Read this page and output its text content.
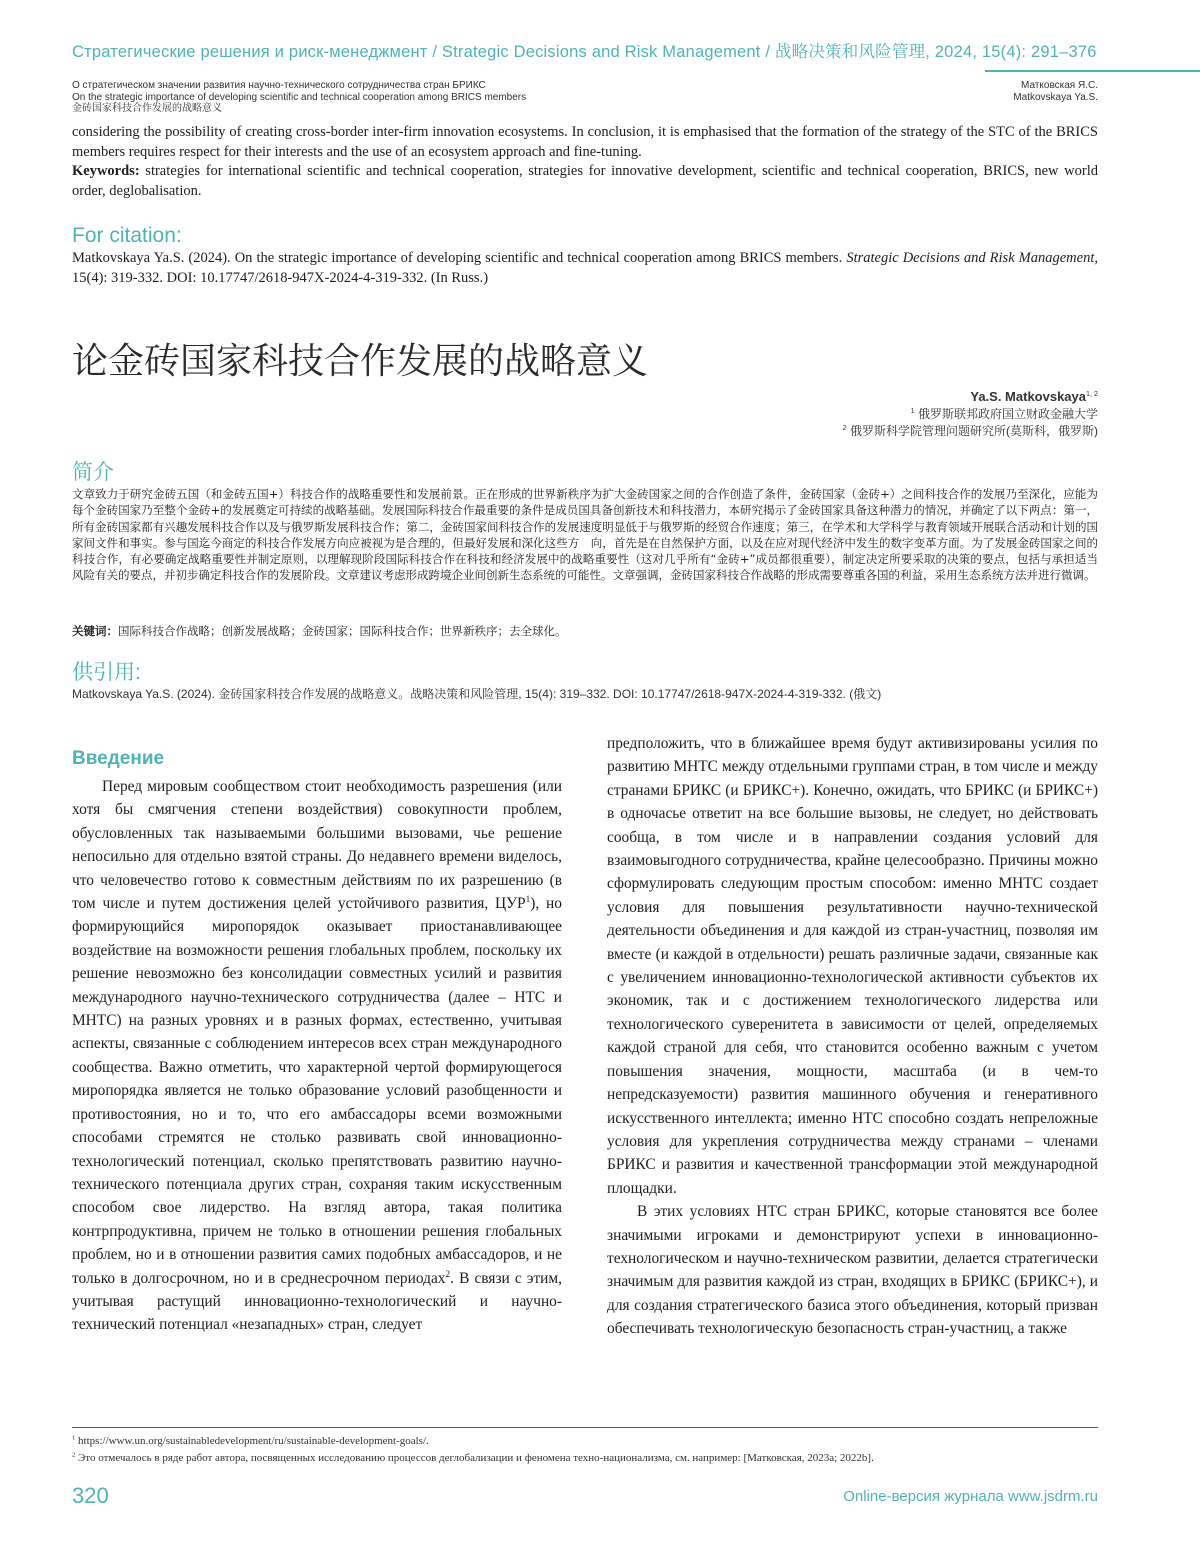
Стратегические решения и риск-менеджмент / Strategic Decisions and Risk Management / 战略决策和风险管理, 2024, 15(4): 291–376
О стратегическом значении развития научно-технического сотрудничества стран БРИКС
On the strategic importance of developing scientific and technical cooperation among BRICS members
金砖国家科技合作发展的战略意义
Матковская Я.С.
Matkovskaya Ya.S.
considering the possibility of creating cross-border inter-firm innovation ecosystems. In conclusion, it is emphasised that the formation of the strategy of the STC of the BRICS members requires respect for their interests and the use of an ecosystem approach and fine-tuning.
Keywords: strategies for international scientific and technical cooperation, strategies for innovative development, scientific and technical cooperation, BRICS, new world order, deglobalisation.
For citation:
Matkovskaya Ya.S. (2024). On the strategic importance of developing scientific and technical cooperation among BRICS members. Strategic Decisions and Risk Management, 15(4): 319-332. DOI: 10.17747/2618-947X-2024-4-319-332. (In Russ.)
论金砖国家科技合作发展的战略意义
Ya.S. Matkovskaya$^{1, 2}$
$^1$ 俄罗斯联邦政府国立财政金融大学
$^2$ 俄罗斯科学院管理问题研究所(莫斯科，俄罗斯)
简介
文章致力于研究金砖五国（和金砖五国+）科技合作的战略重要性和发展前景。正在形成的世界新秩序为扩大金砖国家之间的合作创造了条件，金砖国家（金砖+）之间科技合作的发展乃至深化，应能为每个金砖国家乃至整个金砖+的发展奠定可持续的战略基础。发展国际科技合作最重要的条件是成员国具备创新技术和科技潜力，本研究揭示了金砖国家具备这种潜力的情况，并确定了以下两点：第一，所有金砖国家都有兴趣发展科技合作以及与俄罗斯发展科技合作；第二，金砖国家间科技合作的发展速度明显低于与俄罗斯的经贸合作速度；第三，在学术和大学科学与教育领域开展联合活动和计划的国家间文件和事实。参与国迄今商定的科技合作发展方向应被视为是合理的，但最好发展和深化这些方　向，首先是在自然保护方面，以及在应对现代经济中发生的数字变革方面。为了发展金砖国家之间的科技合作，有必要确定战略重要性并制定原则，以理解现阶段国际科技合作在科技和经济发展中的战略重要性（这对几乎所有“金砖+”成员都很重要），制定决定所要采取的决策的要点，包括与承担适当风险有关的要点，并初步确定科技合作的发展阶段。文章建议考虑形成跨境企业间创新生态系统的可能性。文章强调，金砖国家科技合作战略的形成需要尊重各国的利益，采用生态系统方法并进行微调。
关键词：国际科技合作战略；创新发展战略；金砖国家；国际科技合作；世界新秩序；去全球化。
供引用:
Matkovskaya Ya.S. (2024). 金砖国家科技合作发展的战略意义。战略决策和风险管理, 15(4): 319–332. DOI: 10.17747/2618-947X-2024-4-319-332. (俄文)
Введение

Перед мировым сообществом стоит необходимость разрешения (или хотя бы смягчения степени воздействия) совокупности проблем, обусловленных так называемыми большими вызовами, чье решение непосильно для отдельно взятой страны. До недавнего времени виделось, что человечество готово к совместным действиям по их разрешению (в том числе и путем достижения целей устойчивого развития, ЦУР$^1$), но формирующийся миропорядок оказывает приостанавливающее воздействие на возможности решения глобальных проблем, поскольку их решение невозможно без консолидации совместных усилий и развития международного научно-технического сотрудничества (далее – НТС и МНТС) на разных уровнях и в разных формах, естественно, учитывая аспекты, связанные с соблюдением интересов всех стран международного сообщества. Важно отметить, что характерной чертой формирующегося миропорядка является не только образование условий разобщенности и противостояния, но и то, что его амбассадоры всеми возможными способами стремятся не столько развивать свой инновационно-технологический потенциал, сколько препятствовать развитию научно-технического потенциала других стран, сохраняя таким искусственным способом свое лидерство. На взгляд автора, такая политика контрпродуктивна, причем не только в отношении решения глобальных проблем, но и в отношении развития самих подобных амбассадоров, и не только в долгосрочном, но и в среднесрочном периодах$^2$. В связи с этим, учитывая растущий инновационно-технологический и научно-технический потенциал «незападных» стран, следует

предположить, что в ближайшее время будут активизированы усилия по развитию МНТС между отдельными группами стран, в том числе и между странами БРИКС (и БРИКС+). Конечно, ожидать, что БРИКС (и БРИКС+) в одночасье ответит на все большие вызовы, не следует, но действовать сообща, в том числе и в направлении создания условий для взаимовыгодного сотрудничества, крайне целесообразно. Причины можно сформулировать следующим простым способом: именно МНТС создает условия для повышения результативности научно-технической деятельности объединения и для каждой из стран-участниц, позволяя им вместе (и каждой в отдельности) решать различные задачи, связанные как с увеличением инновационно-технологической активности субъектов их экономик, так и с достижением технологического лидерства или технологического суверенитета в зависимости от целей, определяемых каждой страной для себя, что становится особенно важным с учетом повышения значения, мощности, масштаба (и в чем-то непредсказуемости) развития машинного обучения и генеративного искусственного интеллекта; именно НТС способно создать непреложные условия для укрепления сотрудничества между странами – членами БРИКС и развития и качественной трансформации этой международной площадки.

В этих условиях НТС стран БРИКС, которые становятся все более значимыми игроками и демонстрируют успехи в инновационно-технологическом и научно-техническом развитии, делается стратегически значимым для развития каждой из стран, входящих в БРИКС (БРИКС+), и для создания стратегического базиса этого объединения, который призван обеспечивать технологическую безопасность стран-участниц, а также

$^1$ https://www.un.org/sustainabledevelopment/ru/sustainable-development-goals/.
$^2$ Это отмечалось в ряде работ автора, посвященных исследованию процессов деглобализации и феномена техно-национализма, см. например: [Матковская, 2023а; 2022b].
320	Online-версия журнала www.jsdrm.ru
